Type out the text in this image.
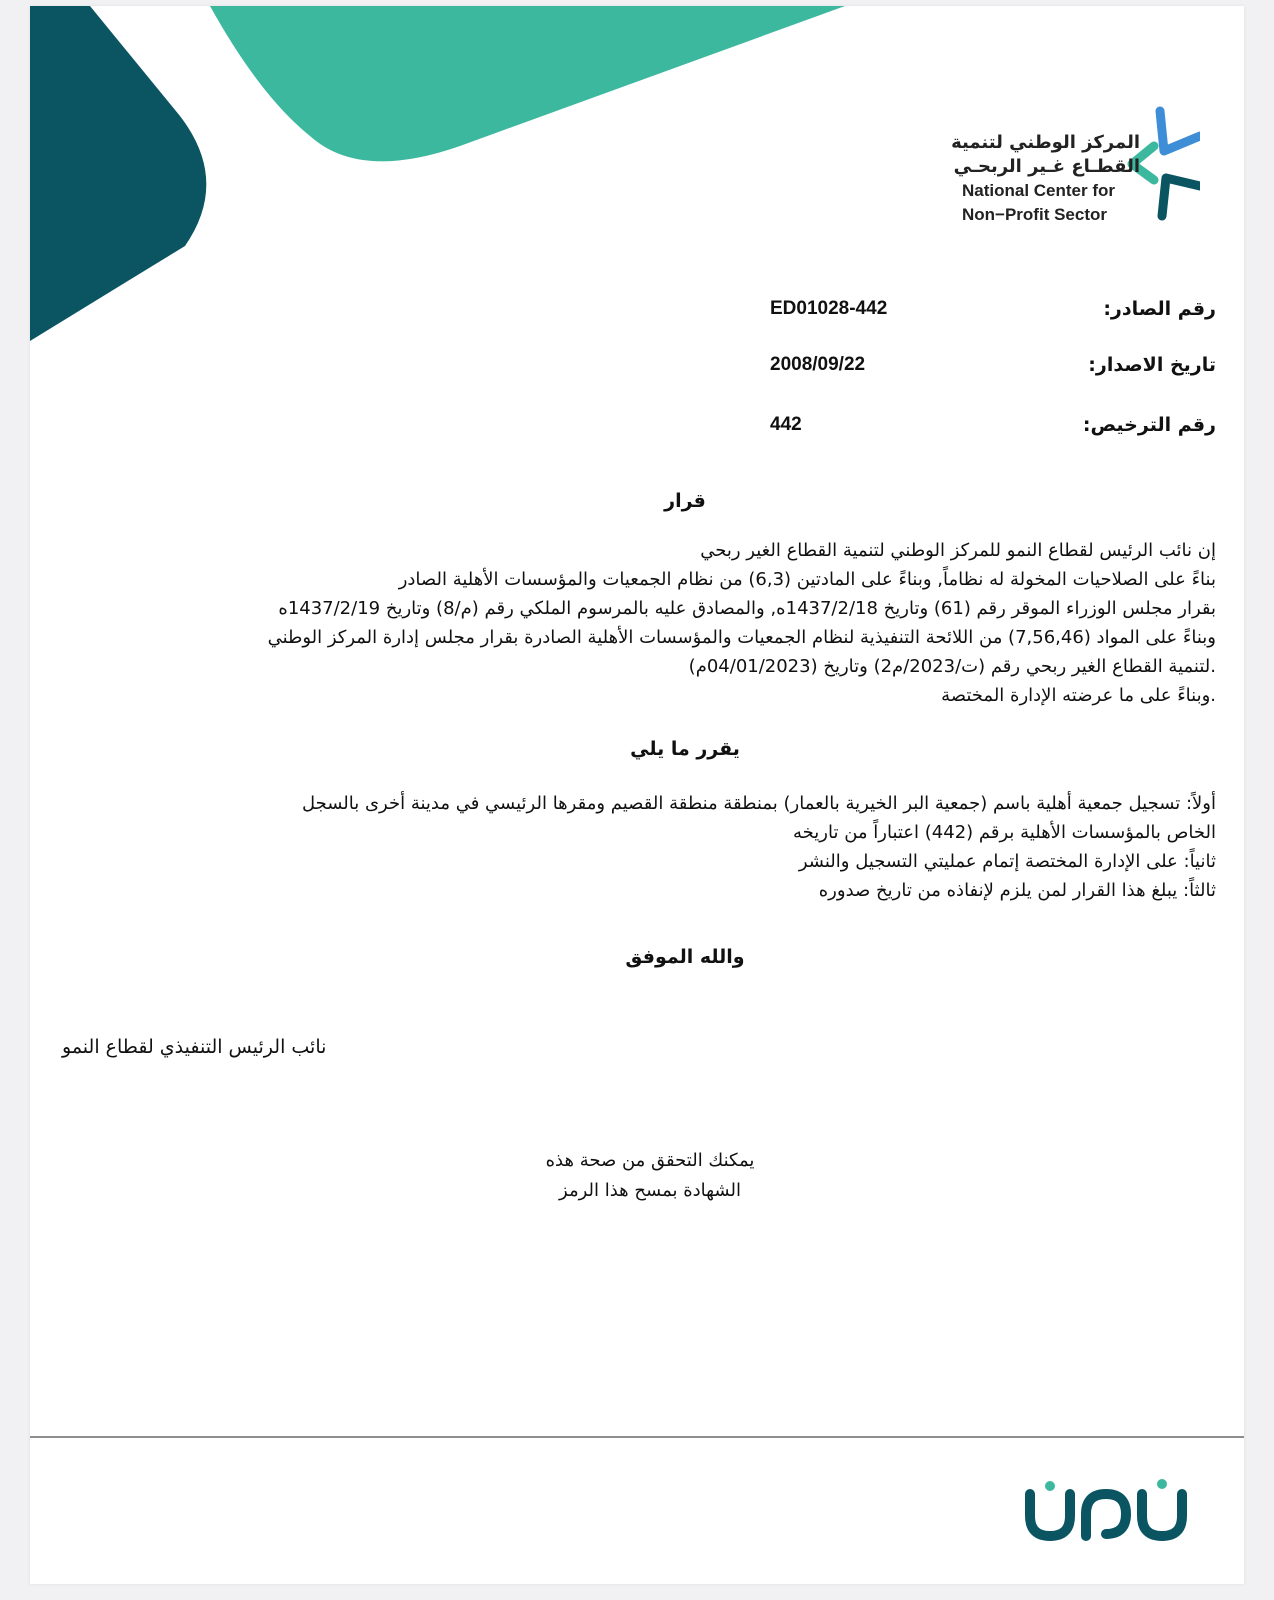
المركز الوطني لتنمية
القطـاع غـير الربحـي
National Center for
Non−Profit Sector
رقم الصادر:
ED01028-442
تاريخ الاصدار:
2008/09/22
رقم الترخيص:
442
قرار
إن نائب الرئيس لقطاع النمو للمركز الوطني لتنمية القطاع الغير ربحي
بناءً على الصلاحيات المخولة له نظاماً, وبناءً على المادتين (6,3) من نظام الجمعيات والمؤسسات الأهلية الصادر
بقرار مجلس الوزراء الموقر رقم (61) وتاريخ 1437/2/18ه, والمصادق عليه بالمرسوم الملكي رقم (م/8) وتاريخ 1437/2/19ه
وبناءً على المواد (7,56,46) من اللائحة التنفيذية لنظام الجمعيات والمؤسسات الأهلية الصادرة بقرار مجلس إدارة المركز الوطني
.لتنمية القطاع الغير ربحي رقم (ت/2023/م2) وتاريخ (04/01/2023م)
.وبناءً على ما عرضته الإدارة المختصة
يقرر ما يلي
أولاً: تسجيل جمعية أهلية باسم (جمعية البر الخيرية بالعمار) بمنطقة منطقة القصيم ومقرها الرئيسي في مدينة أخرى بالسجل
الخاص بالمؤسسات الأهلية برقم (442) اعتباراً من تاريخه
ثانياً: على الإدارة المختصة إتمام عمليتي التسجيل والنشر
ثالثاً: يبلغ هذا القرار لمن يلزم لإنفاذه من تاريخ صدوره
والله الموفق
نائب الرئيس التنفيذي لقطاع النمو
يمكنك التحقق من صحة هذه
الشهادة بمسح هذا الرمز
